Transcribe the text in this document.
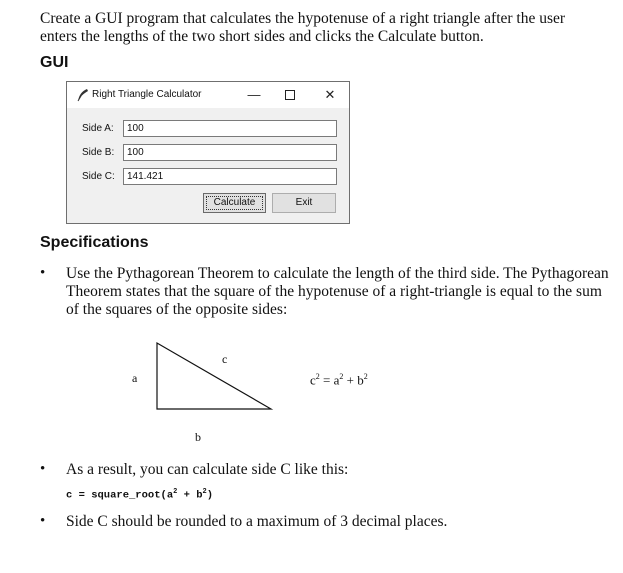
Create a GUI program that calculates the hypotenuse of a right triangle after the user enters the lengths of the two short sides and clicks the Calculate button.
GUI
Right Triangle Calculator	—	✕
Side A:	100
Side B:	100
Side C:	141.421
Calculate	Exit
Specifications
• Use the Pythagorean Theorem to calculate the length of the third side. The Pythagorean Theorem states that the square of the hypotenuse of a right-triangle is equal to the sum of the squares of the opposite sides:
c
a
b
$c^2 = a^2 + b^2$
• As a result, you can calculate side C like this:
$c = square\_root(a^2 + b^2)$
• Side C should be rounded to a maximum of 3 decimal places.
